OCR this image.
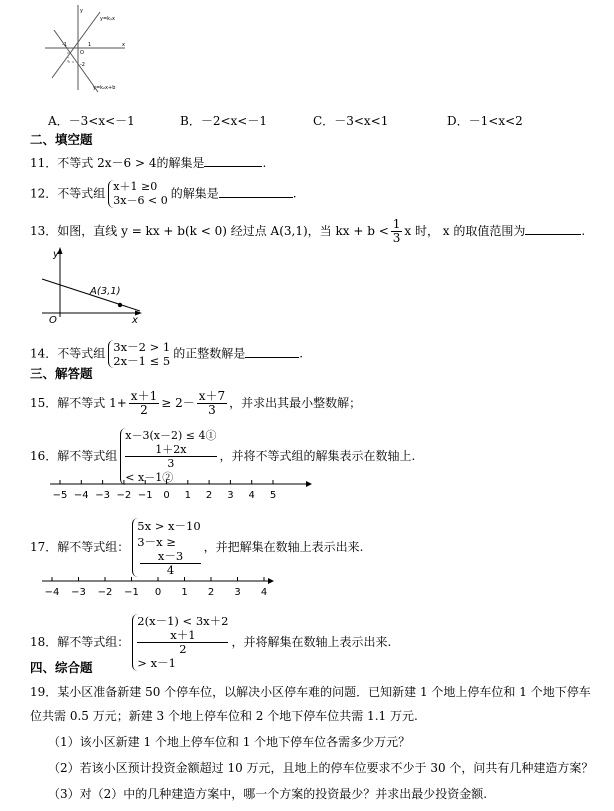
y=k₁x
y=k₂x+b
y
x
O
1
-1
-2
A．－3<x<－1	B．－2<x<－1	C．－3<x<1	D．－1<x<2
二、填空题
11．不等式 2x－6 > 4的解集是	.
12．不等式组 x＋1 ≥0
3x－6 < 0 的解集是	.
13．如图，直线 y = kx + b(k < 0) 经过点 A(3,1)，当 kx + $b < \frac{1}{3}$ x 时， x 的取值范围为	.
y
x
O
A(3,1)
14．不等式组 3x－2 > 1
2x－1 ≤ 5
的正整数解是	.
三、解答题
15．解不等式 $1+ \frac{x+1}{2} \ge 2- \frac{x+7}{3}$ ，并求出其最小整数解；
16．解不等式组
x－3(x－2) ≤ 4①
1＋2x
3
< x－1②
，并将不等式组的解集表示在数轴上.
−5 −4 −3 −2 −1 0 1 2 3 4 5
17．解不等式组：
5x > x－10
3－x ≥
x－3
4
，并把解集在数轴上表示出来.
−4 −3 −2 −1 0 1 2 3 4
18．解不等式组：
2(x－1) < 3x＋2
x＋1
2
> x－1
，并将解集在数轴上表示出来.
四、综合题
19．某小区准备新建 50 个停车位，以解决小区停车难的问题．已知新建 1 个地上停车位和 1 个地下停车
位共需 0.5 万元；新建 3 个地上停车位和 2 个地下停车位共需 1.1 万元.
（1）该小区新建 1 个地上停车位和 1 个地下停车位各需多少万元？
（2）若该小区预计投资金额超过 10 万元，且地上的停车位要求不少于 30 个，问共有几种建造方案？
（3）对（2）中的几种建造方案中，哪一个方案的投资最少？并求出最少投资金额.
